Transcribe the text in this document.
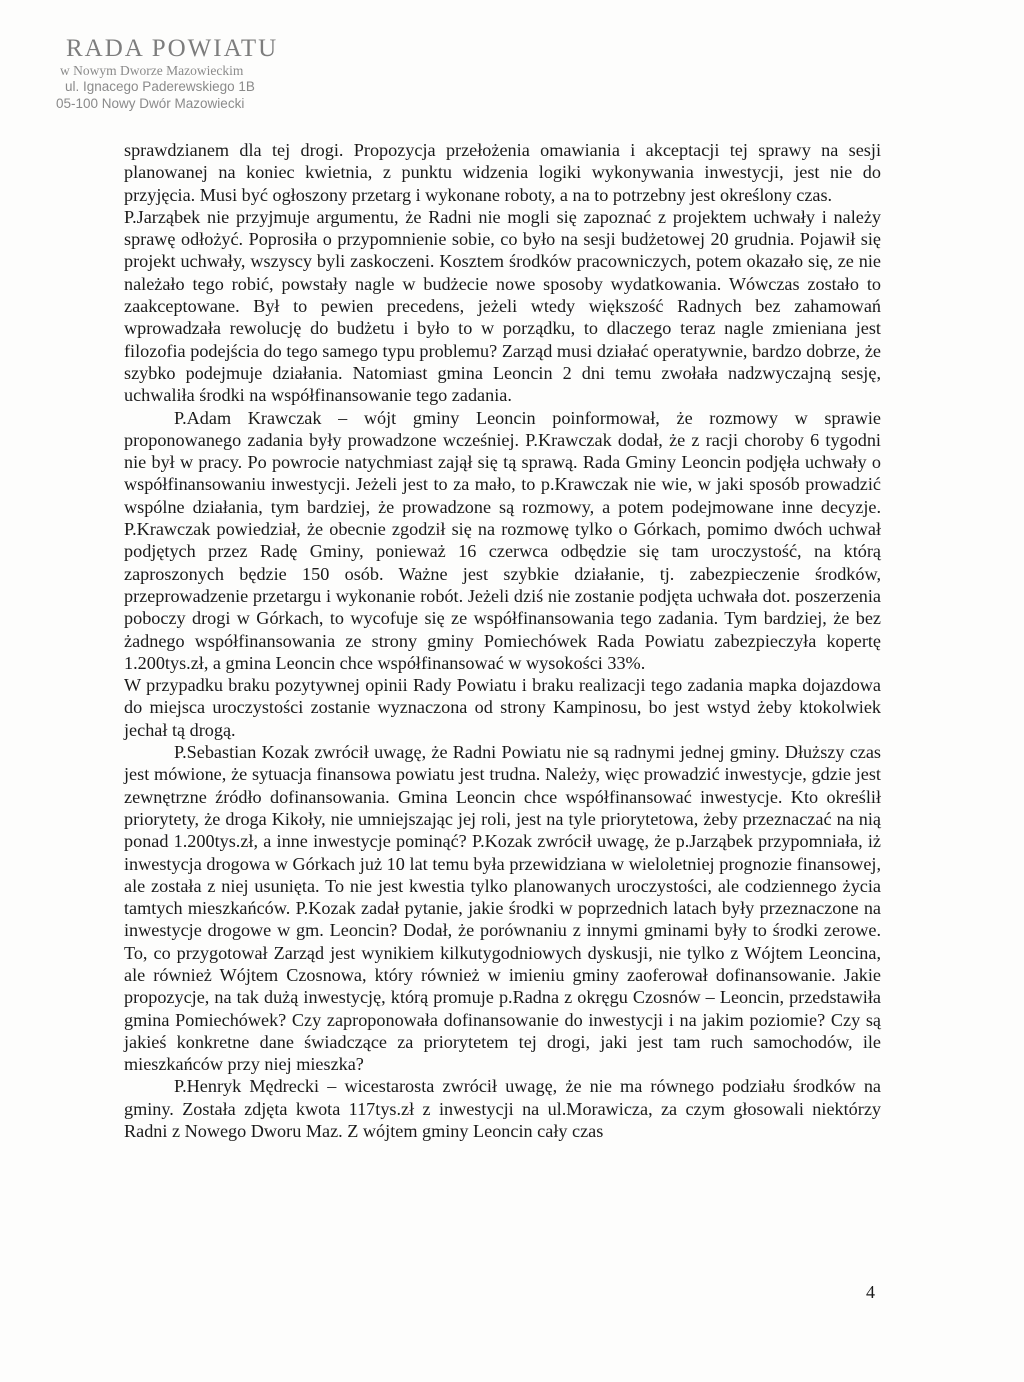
RADA POWIATU
w Nowym Dworze Mazowieckim
ul. Ignacego Paderewskiego 1B
05-100 Nowy Dwór Mazowiecki

sprawdzianem dla tej drogi. Propozycja przełożenia omawiania i akceptacji tej sprawy na sesji planowanej na koniec kwietnia, z punktu widzenia logiki wykonywania inwestycji, jest nie do przyjęcia. Musi być ogłoszony przetarg i wykonane roboty, a na to potrzebny jest określony czas.

P.Jarząbek nie przyjmuje argumentu, że Radni nie mogli się zapoznać z projektem uchwały i należy sprawę odłożyć. Poprosiła o przypomnienie sobie, co było na sesji budżetowej 20 grudnia. Pojawił się projekt uchwały, wszyscy byli zaskoczeni. Kosztem środków pracowniczych, potem okazało się, ze nie należało tego robić, powstały nagle w budżecie nowe sposoby wydatkowania. Wówczas zostało to zaakceptowane. Był to pewien precedens, jeżeli wtedy większość Radnych bez zahamowań wprowadzała rewolucję do budżetu i było to w porządku, to dlaczego teraz nagle zmieniana jest filozofia podejścia do tego samego typu problemu? Zarząd musi działać operatywnie, bardzo dobrze, że szybko podejmuje działania. Natomiast gmina Leoncin 2 dni temu zwołała nadzwyczajną sesję, uchwaliła środki na współfinansowanie tego zadania.

P.Adam Krawczak – wójt gminy Leoncin poinformował, że rozmowy w sprawie proponowanego zadania były prowadzone wcześniej. P.Krawczak dodał, że z racji choroby 6 tygodni nie był w pracy. Po powrocie natychmiast zajął się tą sprawą. Rada Gminy Leoncin podjęła uchwały o współfinansowaniu inwestycji. Jeżeli jest to za mało, to p.Krawczak nie wie, w jaki sposób prowadzić wspólne działania, tym bardziej, że prowadzone są rozmowy, a potem podejmowane inne decyzje. P.Krawczak powiedział, że obecnie zgodził się na rozmowę tylko o Górkach, pomimo dwóch uchwał podjętych przez Radę Gminy, ponieważ 16 czerwca odbędzie się tam uroczystość, na którą zaproszonych będzie 150 osób. Ważne jest szybkie działanie, tj. zabezpieczenie środków, przeprowadzenie przetargu i wykonanie robót. Jeżeli dziś nie zostanie podjęta uchwała dot. poszerzenia poboczy drogi w Górkach, to wycofuje się ze współfinansowania tego zadania. Tym bardziej, że bez żadnego współfinansowania ze strony gminy Pomiechówek Rada Powiatu zabezpieczyła kopertę 1.200tys.zł, a gmina Leoncin chce współfinansować w wysokości 33%.

W przypadku braku pozytywnej opinii Rady Powiatu i braku realizacji tego zadania mapka dojazdowa do miejsca uroczystości zostanie wyznaczona od strony Kampinosu, bo jest wstyd żeby ktokolwiek jechał tą drogą.

P.Sebastian Kozak zwrócił uwagę, że Radni Powiatu nie są radnymi jednej gminy. Dłuższy czas jest mówione, że sytuacja finansowa powiatu jest trudna. Należy, więc prowadzić inwestycje, gdzie jest zewnętrzne źródło dofinansowania. Gmina Leoncin chce współfinansować inwestycje. Kto określił priorytety, że droga Kikoły, nie umniejszając jej roli, jest na tyle priorytetowa, żeby przeznaczać na nią ponad 1.200tys.zł, a inne inwestycje pominąć? P.Kozak zwrócił uwagę, że p.Jarząbek przypomniała, iż inwestycja drogowa w Górkach już 10 lat temu była przewidziana w wieloletniej prognozie finansowej, ale została z niej usunięta. To nie jest kwestia tylko planowanych uroczystości, ale codziennego życia tamtych mieszkańców. P.Kozak zadał pytanie, jakie środki w poprzednich latach były przeznaczone na inwestycje drogowe w gm. Leoncin? Dodał, że porównaniu z innymi gminami były to środki zerowe. To, co przygotował Zarząd jest wynikiem kilkutygodniowych dyskusji, nie tylko z Wójtem Leoncina, ale również Wójtem Czosnowa, który również w imieniu gminy zaoferował dofinansowanie. Jakie propozycje, na tak dużą inwestycję, którą promuje p.Radna z okręgu Czosnów – Leoncin, przedstawiła gmina Pomiechówek? Czy zaproponowała dofinansowanie do inwestycji i na jakim poziomie? Czy są jakieś konkretne dane świadczące za priorytetem tej drogi, jaki jest tam ruch samochodów, ile mieszkańców przy niej mieszka?

P.Henryk Mędrecki – wicestarosta zwrócił uwagę, że nie ma równego podziału środków na gminy. Została zdjęta kwota 117tys.zł z inwestycji na ul.Morawicza, za czym głosowali niektórzy Radni z Nowego Dworu Maz. Z wójtem gminy Leoncin cały czas

4
